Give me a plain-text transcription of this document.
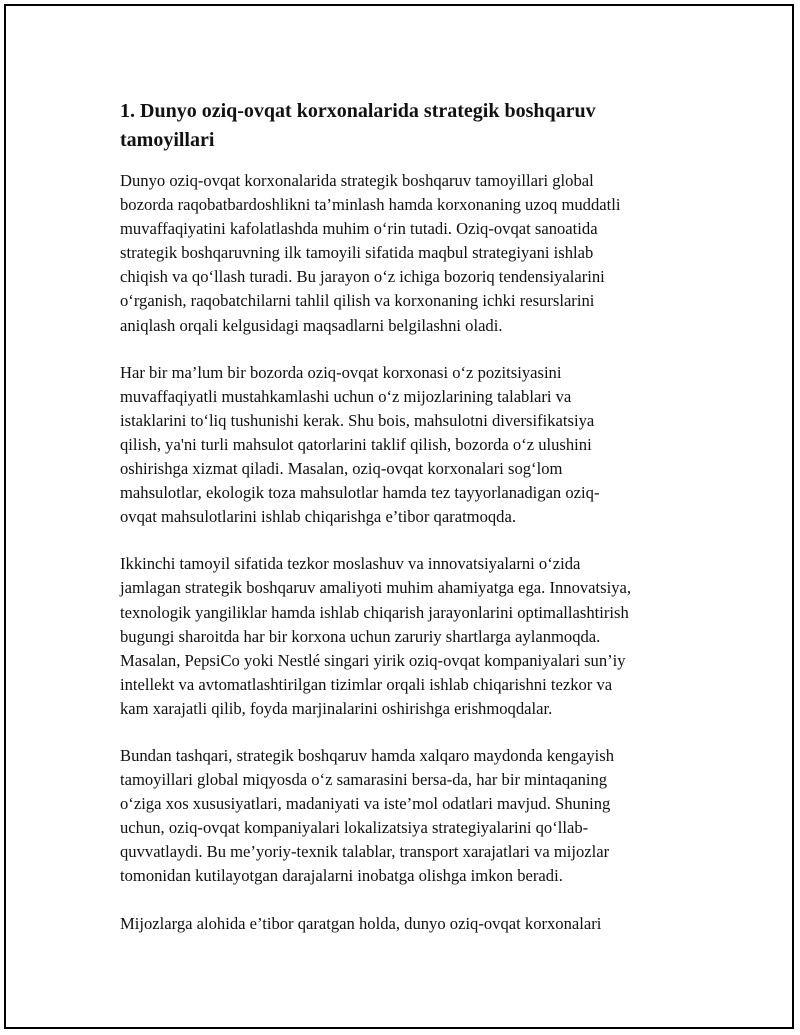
1. Dunyo oziq-ovqat korxonalarida strategik boshqaruv tamoyillari

Dunyo oziq-ovqat korxonalarida strategik boshqaruv tamoyillari global
bozorda raqobatbardoshlikni ta’minlash hamda korxonaning uzoq muddatli
muvaffaqiyatini kafolatlashda muhim o‘rin tutadi. Oziq-ovqat sanoatida
strategik boshqaruvning ilk tamoyili sifatida maqbul strategiyani ishlab
chiqish va qo‘llash turadi. Bu jarayon o‘z ichiga bozoriq tendensiyalarini
o‘rganish, raqobatchilarni tahlil qilish va korxonaning ichki resurslarini
aniqlash orqali kelgusidagi maqsadlarni belgilashni oladi.

Har bir ma’lum bir bozorda oziq-ovqat korxonasi o‘z pozitsiyasini
muvaffaqiyatli mustahkamlashi uchun o‘z mijozlarining talablari va
istaklarini to‘liq tushunishi kerak. Shu bois, mahsulotni diversifikatsiya
qilish, ya'ni turli mahsulot qatorlarini taklif qilish, bozorda o‘z ulushini
oshirishga xizmat qiladi. Masalan, oziq-ovqat korxonalari sog‘lom
mahsulotlar, ekologik toza mahsulotlar hamda tez tayyorlanadigan oziq-
ovqat mahsulotlarini ishlab chiqarishga e’tibor qaratmoqda.

Ikkinchi tamoyil sifatida tezkor moslashuv va innovatsiyalarni o‘zida
jamlagan strategik boshqaruv amaliyoti muhim ahamiyatga ega. Innovatsiya,
texnologik yangiliklar hamda ishlab chiqarish jarayonlarini optimallashtirish
bugungi sharoitda har bir korxona uchun zaruriy shartlarga aylanmoqda.
Masalan, PepsiCo yoki Nestlé singari yirik oziq-ovqat kompaniyalari sun’iy
intellekt va avtomatlashtirilgan tizimlar orqali ishlab chiqarishni tezkor va
kam xarajatli qilib, foyda marjinalarini oshirishga erishmoqdalar.

Bundan tashqari, strategik boshqaruv hamda xalqaro maydonda kengayish
tamoyillari global miqyosda o‘z samarasini bersa-da, har bir mintaqaning
o‘ziga xos xususiyatlari, madaniyati va iste’mol odatlari mavjud. Shuning
uchun, oziq-ovqat kompaniyalari lokalizatsiya strategiyalarini qo‘llab-
quvvatlaydi. Bu me’yoriy-texnik talablar, transport xarajatlari va mijozlar
tomonidan kutilayotgan darajalarni inobatga olishga imkon beradi.

Mijozlarga alohida e’tibor qaratgan holda, dunyo oziq-ovqat korxonalari
